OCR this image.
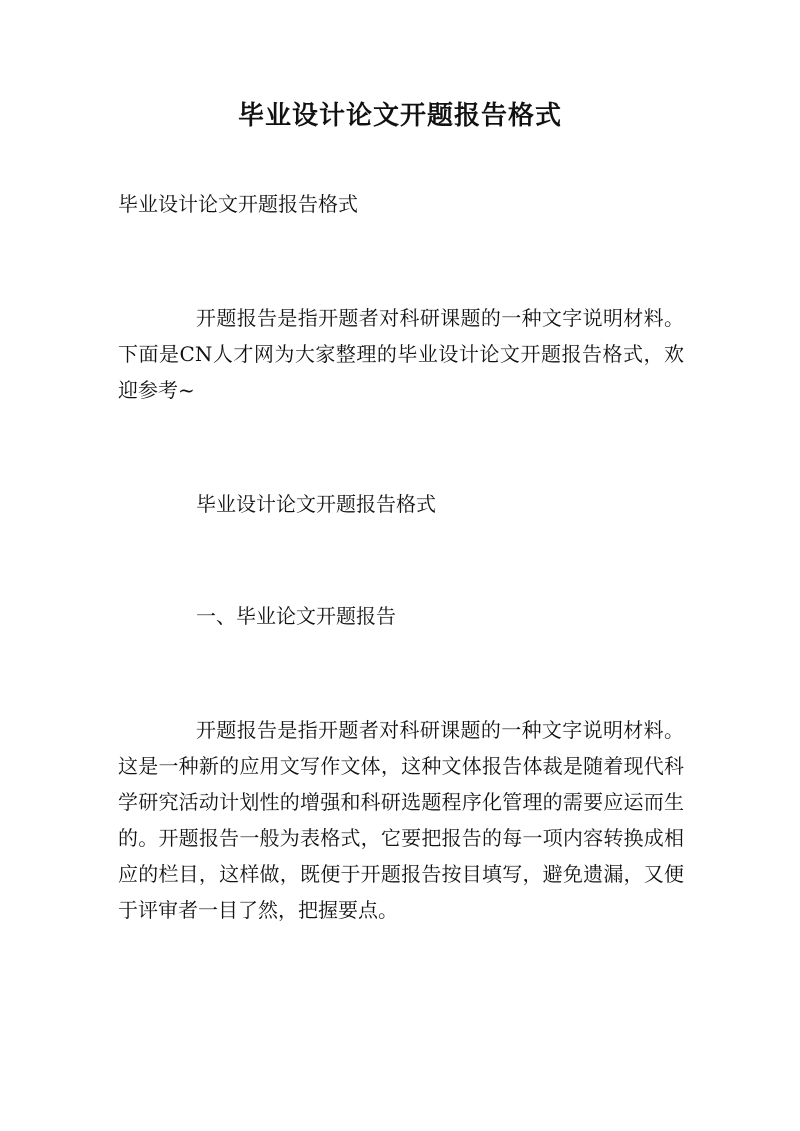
毕业设计论文开题报告格式

毕业设计论文开题报告格式

开题报告是指开题者对科研课题的一种文字说明材料。下面是CN人才网为大家整理的毕业设计论文开题报告格式，欢迎参考~

毕业设计论文开题报告格式

一、毕业论文开题报告

开题报告是指开题者对科研课题的一种文字说明材料。这是一种新的应用文写作文体，这种文体报告体裁是随着现代科学研究活动计划性的增强和科研选题程序化管理的需要应运而生的。开题报告一般为表格式，它要把报告的每一项内容转换成相应的栏目，这样做，既便于开题报告按目填写，避免遗漏，又便于评审者一目了然，把握要点。
